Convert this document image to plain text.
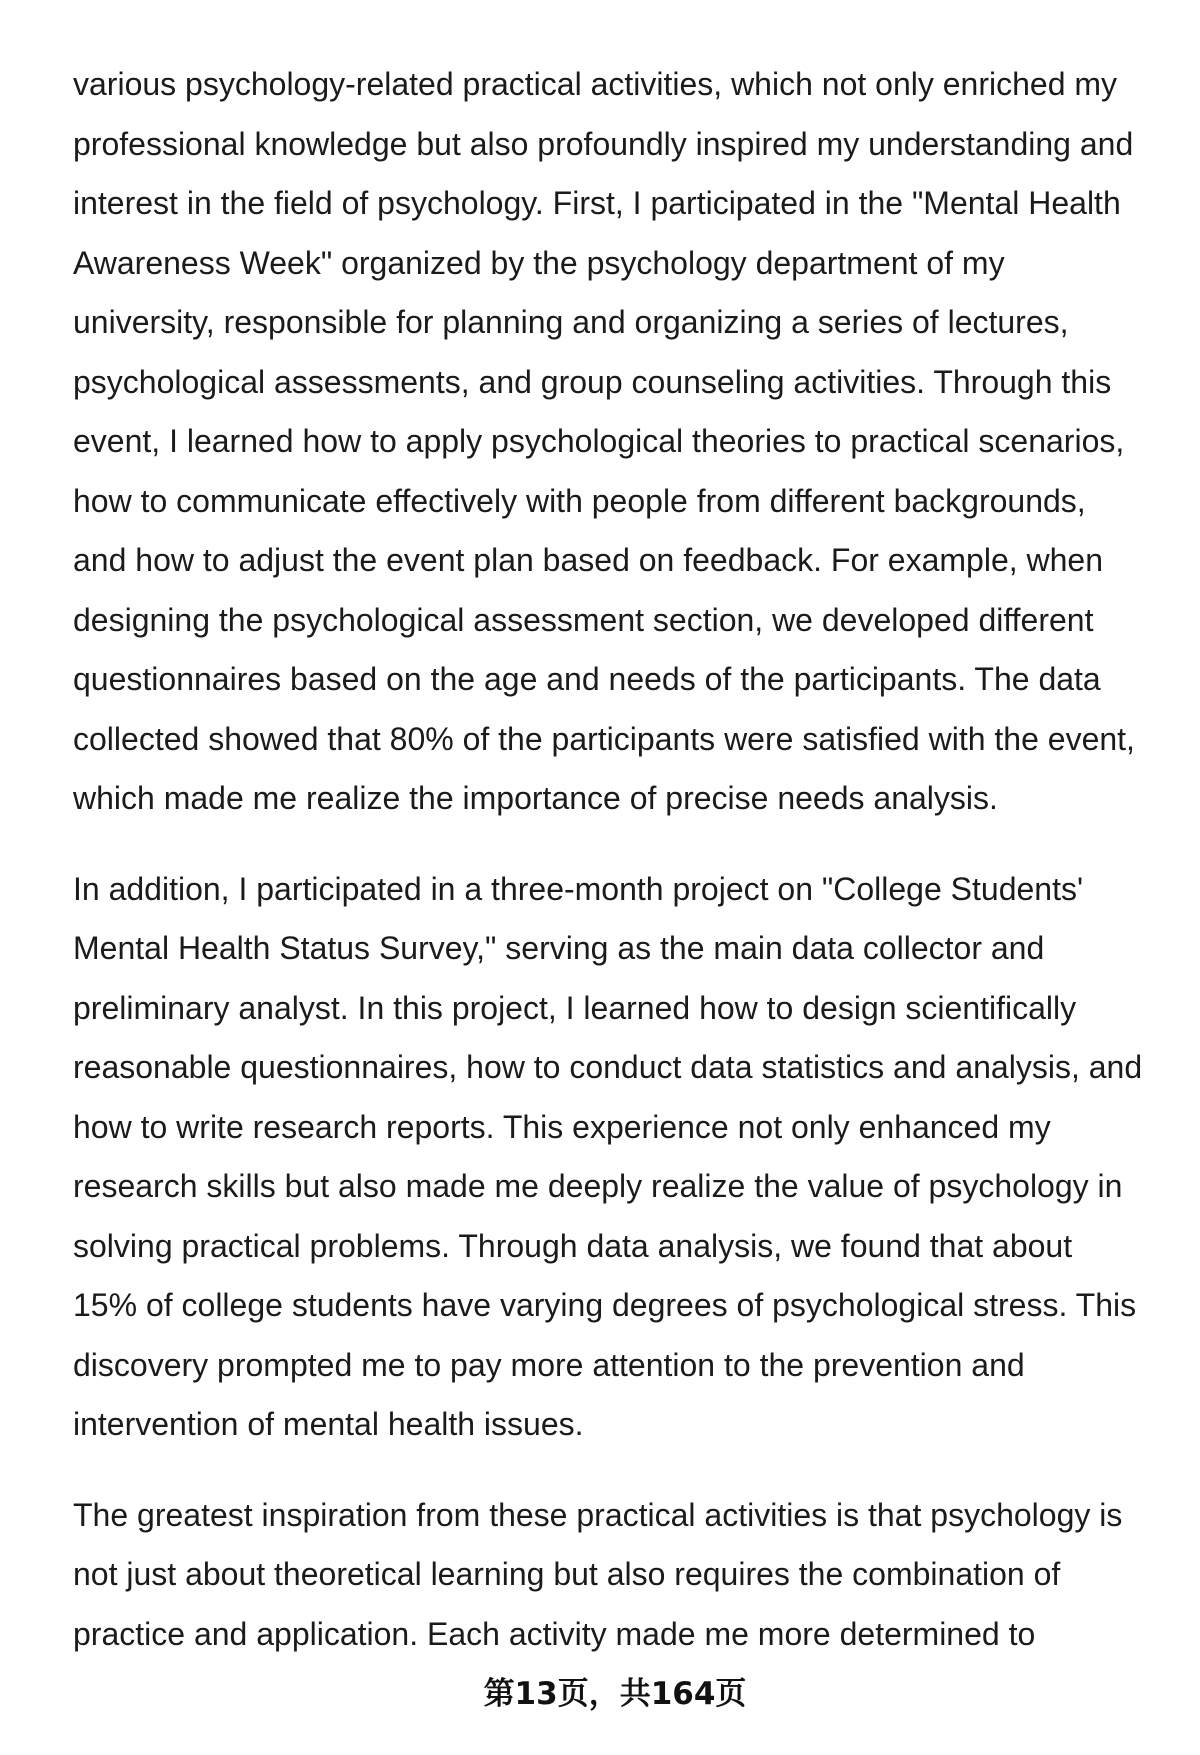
various psychology-related practical activities, which not only enriched my
professional knowledge but also profoundly inspired my understanding and
interest in the field of psychology. First, I participated in the "Mental Health
Awareness Week" organized by the psychology department of my
university, responsible for planning and organizing a series of lectures,
psychological assessments, and group counseling activities. Through this
event, I learned how to apply psychological theories to practical scenarios,
how to communicate effectively with people from different backgrounds,
and how to adjust the event plan based on feedback. For example, when
designing the psychological assessment section, we developed different
questionnaires based on the age and needs of the participants. The data
collected showed that 80% of the participants were satisfied with the event,
which made me realize the importance of precise needs analysis.
In addition, I participated in a three-month project on "College Students'
Mental Health Status Survey," serving as the main data collector and
preliminary analyst. In this project, I learned how to design scientifically
reasonable questionnaires, how to conduct data statistics and analysis, and
how to write research reports. This experience not only enhanced my
research skills but also made me deeply realize the value of psychology in
solving practical problems. Through data analysis, we found that about
15% of college students have varying degrees of psychological stress. This
discovery prompted me to pay more attention to the prevention and
intervention of mental health issues.
The greatest inspiration from these practical activities is that psychology is
not just about theoretical learning but also requires the combination of
practice and application. Each activity made me more determined to
第13页，共164页
